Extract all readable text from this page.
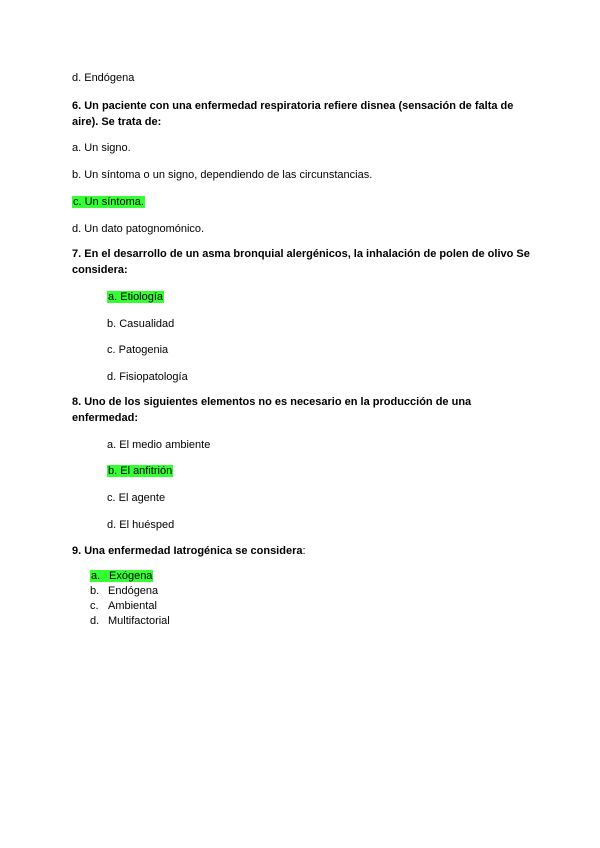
d. Endógena
6. Un paciente con una enfermedad respiratoria refiere disnea (sensación de falta de aire). Se trata de:
a. Un signo.
b. Un síntoma o un signo, dependiendo de las circunstancias.
c. Un síntoma.
d. Un dato patognomónico.
7. En el desarrollo de un asma bronquial alergénicos, la inhalación de polen de olivo Se considera:
a. Etiología
b. Casualidad
c. Patogenia
d. Fisiopatología
8. Uno de los siguientes elementos no es necesario en la producción de una enfermedad:
a. El medio ambiente
b. El anfitrión
c. El agente
d. El huésped
9. Una enfermedad Iatrogénica se considera:
a. Exógena
b. Endógena
c. Ambiental
d. Multifactorial
